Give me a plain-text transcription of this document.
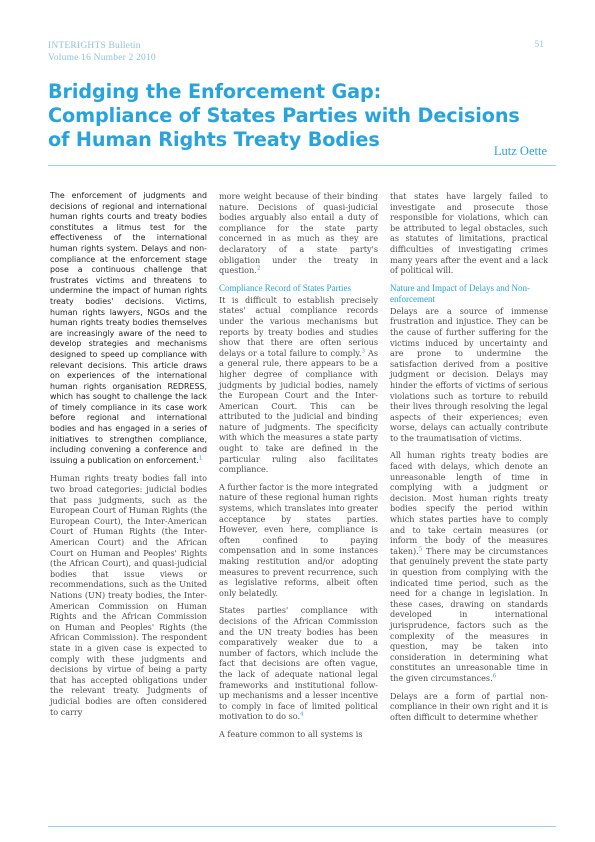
INTERIGHTS Bulletin
Volume 16 Number 2 2010
51
Bridging the Enforcement Gap:
Compliance of States Parties with Decisions
of Human Rights Treaty Bodies	Lutz Oette

The enforcement of judgments and decisions of regional and international human rights courts and treaty bodies constitutes a litmus test for the effectiveness of the international human rights system. Delays and non-compliance at the enforcement stage pose a continuous challenge that frustrates victims and threatens to undermine the impact of human rights treaty bodies' decisions. Victims, human rights lawyers, NGOs and the human rights treaty bodies themselves are increasingly aware of the need to develop strategies and mechanisms designed to speed up compliance with relevant decisions. This article draws on experiences of the international human rights organisation REDRESS, which has sought to challenge the lack of timely compliance in its case work before regional and international bodies and has engaged in a series of initiatives to strengthen compliance, including convening a conference and issuing a publication on enforcement.$^1$

Human rights treaty bodies fall into two broad categories: judicial bodies that pass judgments, such as the European Court of Human Rights (the European Court), the Inter-American Court of Human Rights (the Inter-American Court) and the African Court on Human and Peoples' Rights (the African Court), and quasi-judicial bodies that issue views or recommendations, such as the United Nations (UN) treaty bodies, the Inter-American Commission on Human Rights and the African Commission on Human and Peoples' Rights (the African Commission). The respondent state in a given case is expected to comply with these judgments and decisions by virtue of being a party that has accepted obligations under the relevant treaty. Judgments of judicial bodies are often considered to carry

more weight because of their binding nature. Decisions of quasi-judicial bodies arguably also entail a duty of compliance for the state party concerned in as much as they are declaratory of a state party's obligation under the treaty in question.$^2$

Compliance Record of States Parties

It is difficult to establish precisely states' actual compliance records under the various mechanisms but reports by treaty bodies and studies show that there are often serious delays or a total failure to comply.$^3$ As a general rule, there appears to be a higher degree of compliance with judgments by judicial bodies, namely the European Court and the Inter-American Court. This can be attributed to the judicial and binding nature of judgments. The specificity with which the measures a state party ought to take are defined in the particular ruling also facilitates compliance.

A further factor is the more integrated nature of these regional human rights systems, which translates into greater acceptance by states parties. However, even here, compliance is often confined to paying compensation and in some instances making restitution and/or adopting measures to prevent recurrence, such as legislative reforms, albeit often only belatedly.

States parties' compliance with decisions of the African Commission and the UN treaty bodies has been comparatively weaker due to a number of factors, which include the fact that decisions are often vague, the lack of adequate national legal frameworks and institutional follow-up mechanisms and a lesser incentive to comply in face of limited political motivation to do so.$^4$

A feature common to all systems is

that states have largely failed to investigate and prosecute those responsible for violations, which can be attributed to legal obstacles, such as statutes of limitations, practical difficulties of investigating crimes many years after the event and a lack of political will.

Nature and Impact of Delays and Non-enforcement

Delays are a source of immense frustration and injustice. They can be the cause of further suffering for the victims induced by uncertainty and are prone to undermine the satisfaction derived from a positive judgment or decision. Delays may hinder the efforts of victims of serious violations such as torture to rebuild their lives through resolving the legal aspects of their experiences; even worse, delays can actually contribute to the traumatisation of victims.

All human rights treaty bodies are faced with delays, which denote an unreasonable length of time in complying with a judgment or decision. Most human rights treaty bodies specify the period within which states parties have to comply and to take certain measures (or inform the body of the measures taken).$^5$ There may be circumstances that genuinely prevent the state party in question from complying with the indicated time period, such as the need for a change in legislation. In these cases, drawing on standards developed in international jurisprudence, factors such as the complexity of the measures in question, may be taken into consideration in determining what constitutes an unreasonable time in the given circumstances.$^6$

Delays are a form of partial non-compliance in their own right and it is often difficult to determine whether
